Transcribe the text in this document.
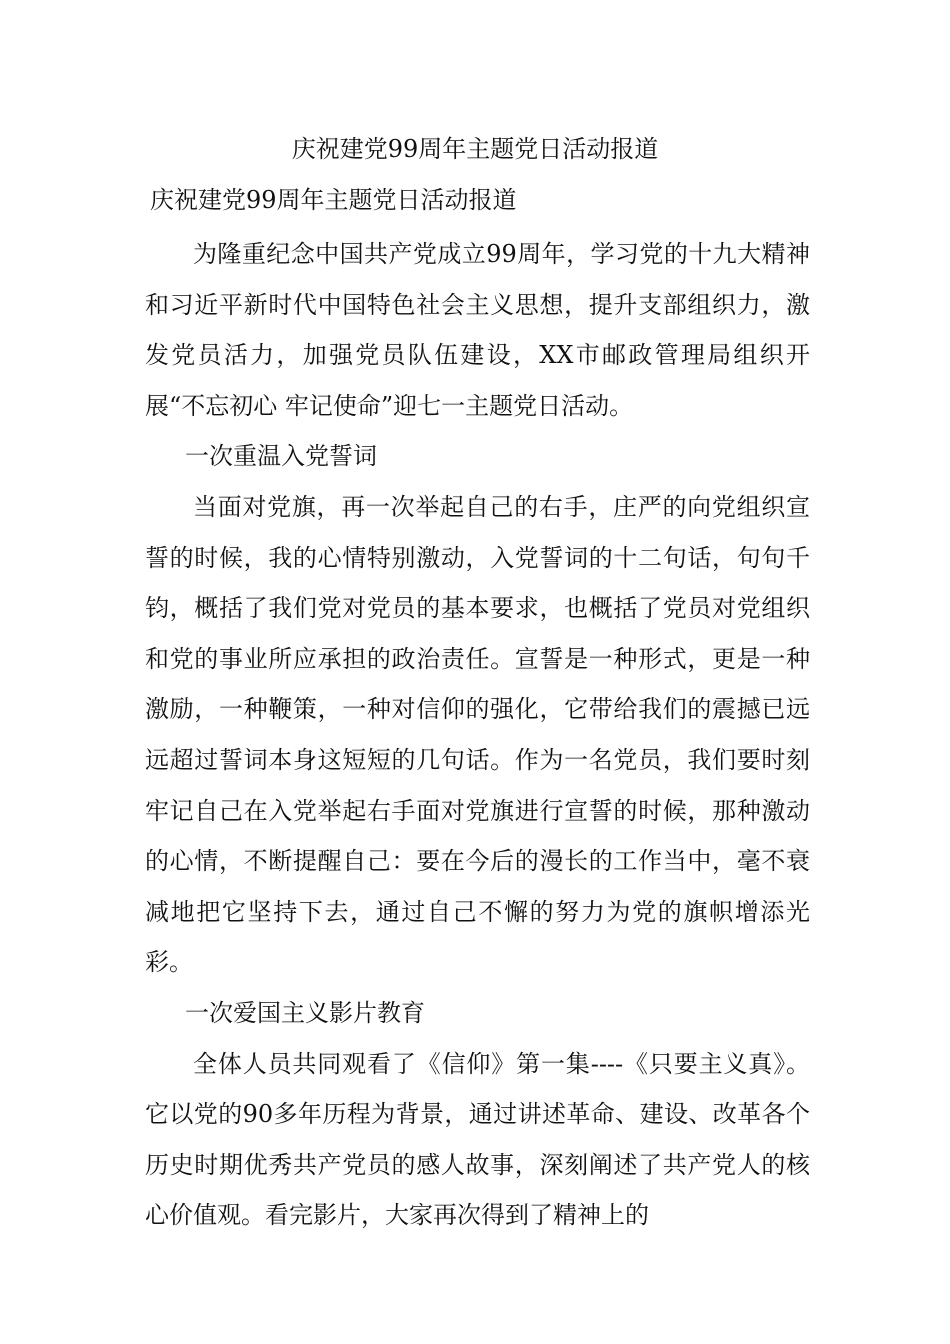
庆祝建党99周年主题党日活动报道
庆祝建党99周年主题党日活动报道

为隆重纪念中国共产党成立99周年，学习党的十九大精神和习近平新时代中国特色社会主义思想，提升支部组织力，激发党员活力，加强党员队伍建设，XX市邮政管理局组织开展“不忘初心 牢记使命”迎七一主题党日活动。

一次重温入党誓词

当面对党旗，再一次举起自己的右手，庄严的向党组织宣誓的时候，我的心情特别激动，入党誓词的十二句话，句句千钧，概括了我们党对党员的基本要求，也概括了党员对党组织和党的事业所应承担的政治责任。宣誓是一种形式，更是一种激励，一种鞭策，一种对信仰的强化，它带给我们的震撼已远远超过誓词本身这短短的几句话。作为一名党员，我们要时刻牢记自己在入党举起右手面对党旗进行宣誓的时候，那种激动的心情，不断提醒自己：要在今后的漫长的工作当中，毫不衰减地把它坚持下去，通过自己不懈的努力为党的旗帜增添光彩。

一次爱国主义影片教育

全体人员共同观看了《信仰》第一集----《只要主义真》。它以党的90多年历程为背景，通过讲述革命、建设、改革各个历史时期优秀共产党员的感人故事，深刻阐述了共产党人的核心价值观。看完影片，大家再次得到了精神上的
